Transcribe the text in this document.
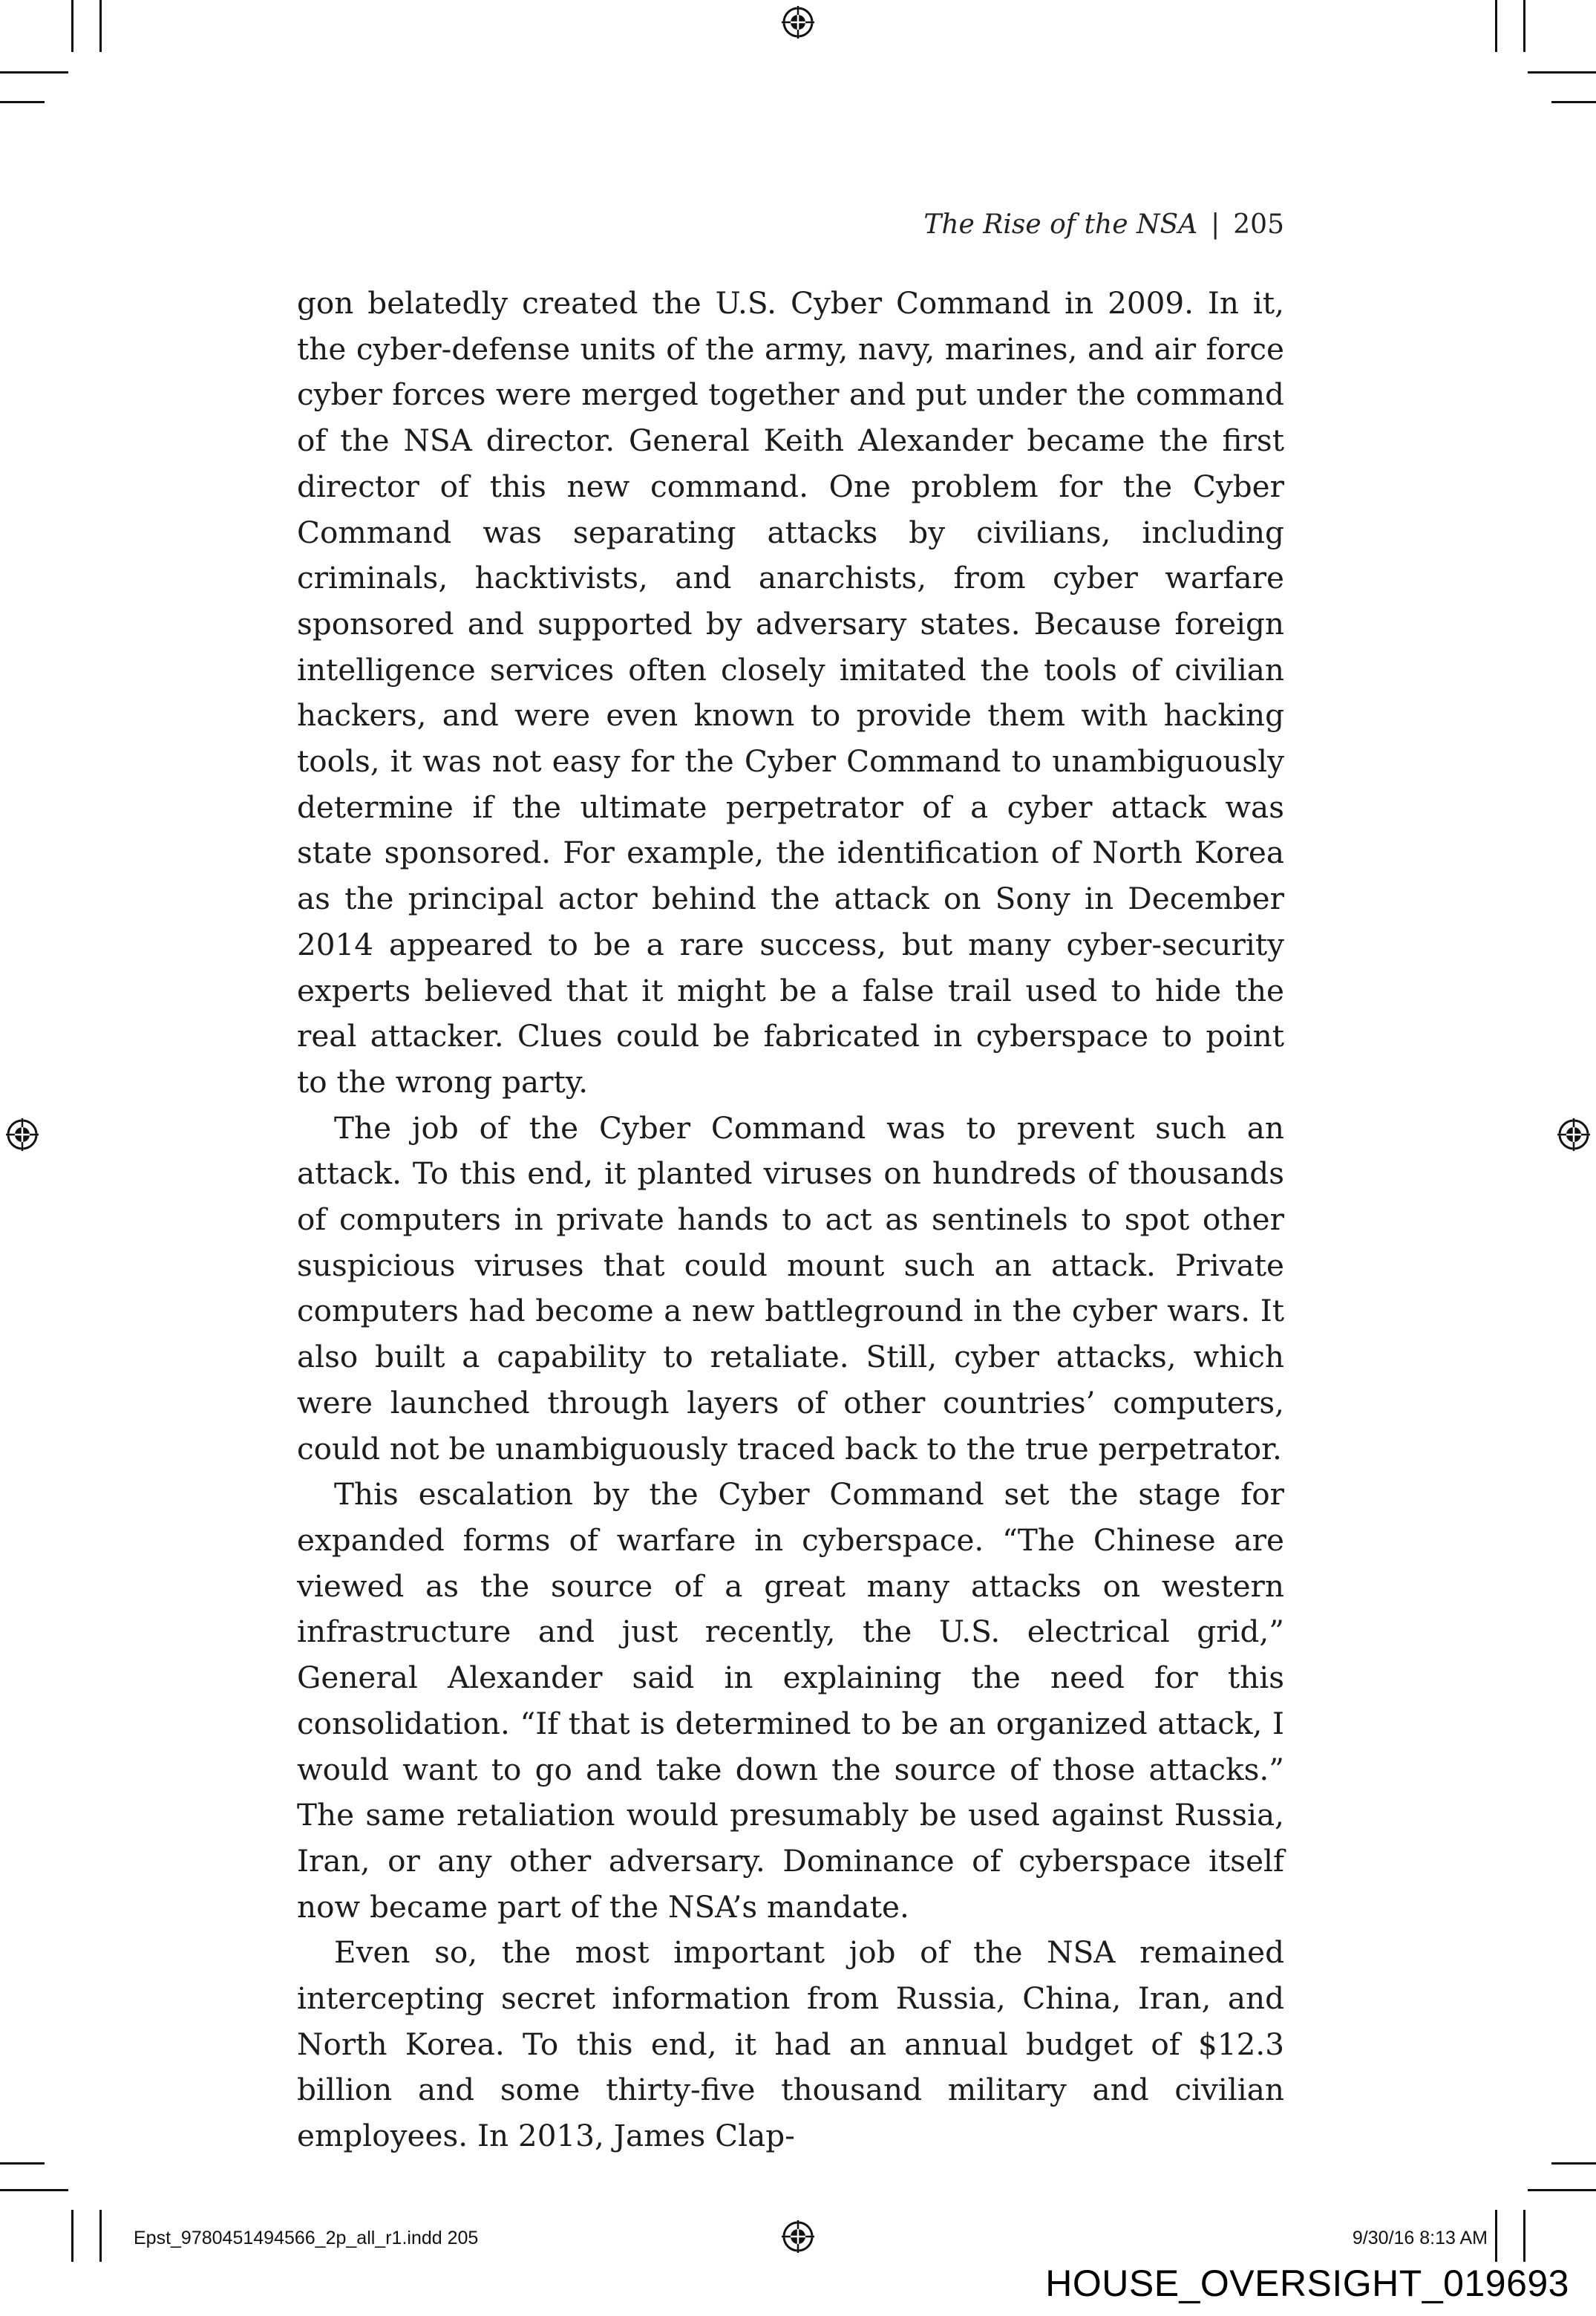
The Rise of the NSA | 205

gon belatedly created the U.S. Cyber Command in 2009. In it, the cyber-defense units of the army, navy, marines, and air force cyber forces were merged together and put under the command of the NSA director. General Keith Alexander became the first director of this new command. One problem for the Cyber Command was separating attacks by civilians, including criminals, hacktivists, and anarchists, from cyber warfare sponsored and supported by adversary states. Because foreign intelligence services often closely imitated the tools of civilian hackers, and were even known to provide them with hacking tools, it was not easy for the Cyber Command to unambiguously determine if the ultimate perpetrator of a cyber attack was state sponsored. For example, the identification of North Korea as the principal actor behind the attack on Sony in December 2014 appeared to be a rare success, but many cyber-security experts believed that it might be a false trail used to hide the real attacker. Clues could be fabricated in cyberspace to point to the wrong party.

The job of the Cyber Command was to prevent such an attack. To this end, it planted viruses on hundreds of thousands of computers in private hands to act as sentinels to spot other suspicious viruses that could mount such an attack. Private computers had become a new battleground in the cyber wars. It also built a capability to retaliate. Still, cyber attacks, which were launched through layers of other countries’ computers, could not be unambiguously traced back to the true perpetrator.

This escalation by the Cyber Command set the stage for expanded forms of warfare in cyberspace. “The Chinese are viewed as the source of a great many attacks on western infrastructure and just recently, the U.S. electrical grid,” General Alexander said in explaining the need for this consolidation. “If that is determined to be an organized attack, I would want to go and take down the source of those attacks.” The same retaliation would presumably be used against Russia, Iran, or any other adversary. Dominance of cyberspace itself now became part of the NSA’s mandate.

Even so, the most important job of the NSA remained intercepting secret information from Russia, China, Iran, and North Korea. To this end, it had an annual budget of $12.3 billion and some thirty-five thousand military and civilian employees. In 2013, James Clap-

Epst_9780451494566_2p_all_r1.indd 205	9/30/16 8:13 AM
HOUSE_OVERSIGHT_019693
